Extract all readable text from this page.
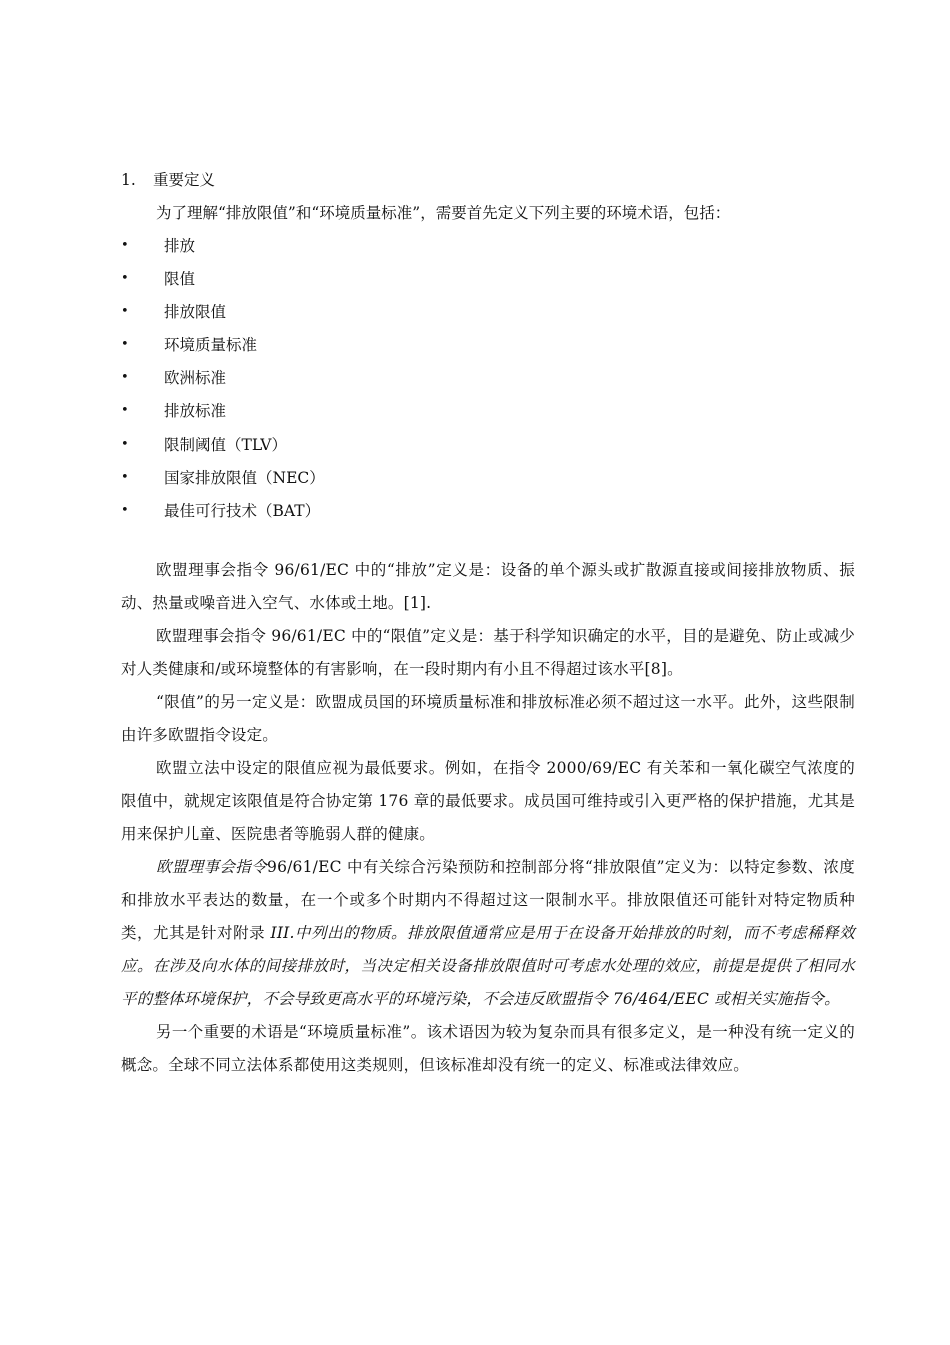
1. 重要定义
为了理解“排放限值”和“环境质量标准”，需要首先定义下列主要的环境术语，包括：
•	排放
•	限值
•	排放限值
•	环境质量标准
•	欧洲标准
•	排放标准
•	限制阈值（TLV）
•	国家排放限值（NEC）
•	最佳可行技术（BAT）

欧盟理事会指令 96/61/EC 中的“排放”定义是：设备的单个源头或扩散源直接或间接排放物质、振动、热量或噪音进入空气、水体或土地。[1].

欧盟理事会指令 96/61/EC 中的“限值”定义是：基于科学知识确定的水平，目的是避免、防止或减少对人类健康和/或环境整体的有害影响，在一段时期内有小且不得超过该水平[8]。

“限值”的另一定义是：欧盟成员国的环境质量标准和排放标准必须不超过这一水平。此外，这些限制由许多欧盟指令设定。

欧盟立法中设定的限值应视为最低要求。例如，在指令 2000/69/EC 有关苯和一氧化碳空气浓度的限值中，就规定该限值是符合协定第 176 章的最低要求。成员国可维持或引入更严格的保护措施，尤其是用来保护儿童、医院患者等脆弱人群的健康。

欧盟理事会指令96/61/EC 中有关综合污染预防和控制部分将“排放限值”定义为：以特定参数、浓度和排放水平表达的数量，在一个或多个时期内不得超过这一限制水平。排放限值还可能针对特定物质种类，尤其是针对附录 III.中列出的物质。排放限值通常应是用于在设备开始排放的时刻，而不考虑稀释效应。在涉及向水体的间接排放时，当决定相关设备排放限值时可考虑水处理的效应，前提是提供了相同水平的整体环境保护，不会导致更高水平的环境污染，不会违反欧盟指令 76/464/EEC 或相关实施指令。

另一个重要的术语是“环境质量标准”。该术语因为较为复杂而具有很多定义，是一种没有统一定义的概念。全球不同立法体系都使用这类规则，但该标准却没有统一的定义、标准或法律效应。
